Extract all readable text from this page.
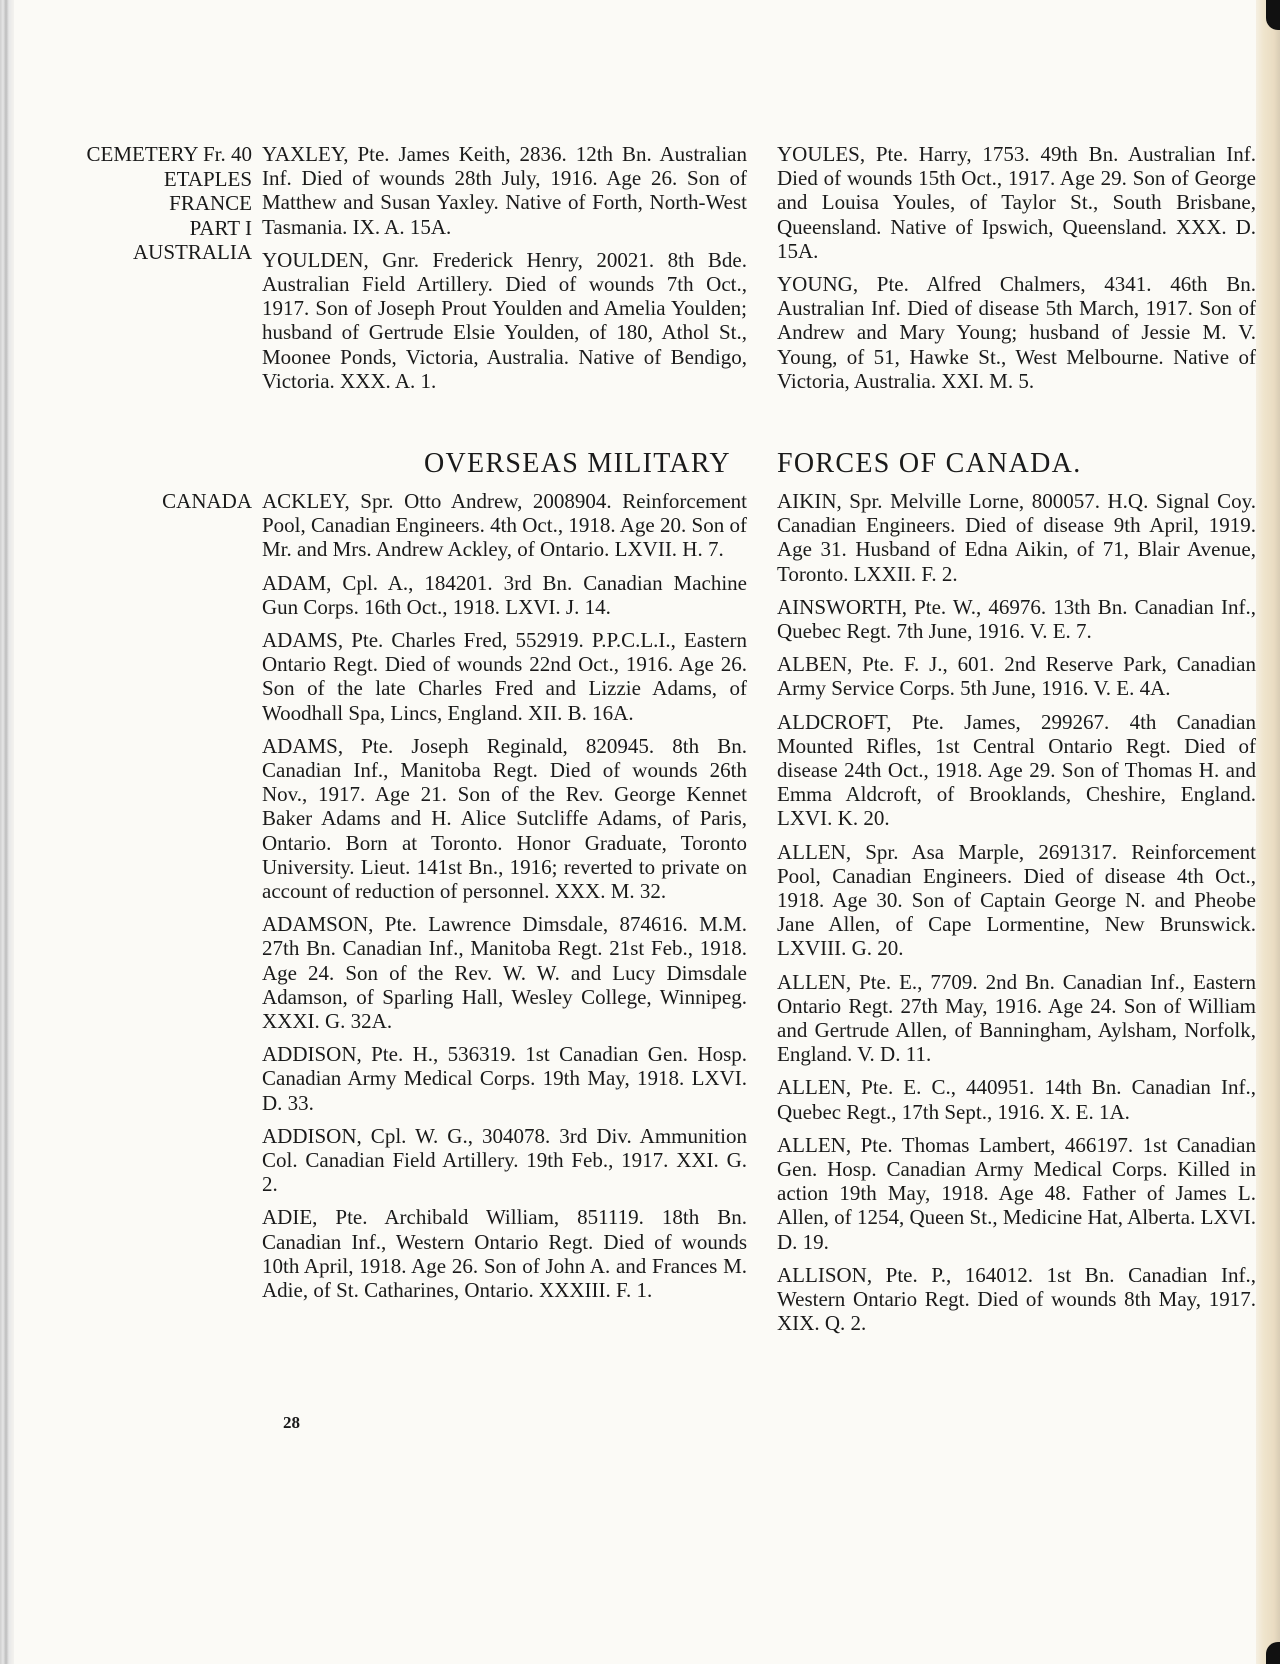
CEMETERY Fr. 40
ETAPLES
FRANCE
PART I
AUSTRALIA

YAXLEY, Pte. James Keith, 2836. 12th Bn. Australian Inf. Died of wounds 28th July, 1916. Age 26. Son of Matthew and Susan Yaxley. Native of Forth, North-West Tasmania. IX. A. 15A.

YOULDEN, Gnr. Frederick Henry, 20021. 8th Bde. Australian Field Artillery. Died of wounds 7th Oct., 1917. Son of Joseph Prout Youlden and Amelia Youlden; husband of Gertrude Elsie Youlden, of 180, Athol St., Moonee Ponds, Victoria, Australia. Native of Bendigo, Victoria. XXX. A. 1.

YOULES, Pte. Harry, 1753. 49th Bn. Australian Inf. Died of wounds 15th Oct., 1917. Age 29. Son of George and Louisa Youles, of Taylor St., South Brisbane, Queensland. Native of Ipswich, Queensland. XXX. D. 15A.

YOUNG, Pte. Alfred Chalmers, 4341. 46th Bn. Australian Inf. Died of disease 5th March, 1917. Son of Andrew and Mary Young; husband of Jessie M. V. Young, of 51, Hawke St., West Melbourne. Native of Victoria, Australia. XXI. M. 5.

OVERSEAS MILITARY FORCES OF CANADA.
CANADA ACKLEY, Spr. Otto Andrew, 2008904. Reinforcement Pool, Canadian Engineers. 4th Oct., 1918. Age 20. Son of Mr. and Mrs. Andrew Ackley, of Ontario. LXVII. H. 7.

ADAM, Cpl. A., 184201. 3rd Bn. Canadian Machine Gun Corps. 16th Oct., 1918. LXVI. J. 14.

ADAMS, Pte. Charles Fred, 552919. P.P.C.L.I., Eastern Ontario Regt. Died of wounds 22nd Oct., 1916. Age 26. Son of the late Charles Fred and Lizzie Adams, of Woodhall Spa, Lincs, England. XII. B. 16A.

ADAMS, Pte. Joseph Reginald, 820945. 8th Bn. Canadian Inf., Manitoba Regt. Died of wounds 26th Nov., 1917. Age 21. Son of the Rev. George Kennet Baker Adams and H. Alice Sutcliffe Adams, of Paris, Ontario. Born at Toronto. Honor Graduate, Toronto University. Lieut. 141st Bn., 1916; reverted to private on account of reduction of personnel. XXX. M. 32.

ADAMSON, Pte. Lawrence Dimsdale, 874616. M.M. 27th Bn. Canadian Inf., Manitoba Regt. 21st Feb., 1918. Age 24. Son of the Rev. W. W. and Lucy Dimsdale Adamson, of Sparling Hall, Wesley College, Winnipeg. XXXI. G. 32A.

ADDISON, Pte. H., 536319. 1st Canadian Gen. Hosp. Canadian Army Medical Corps. 19th May, 1918. LXVI. D. 33.

ADDISON, Cpl. W. G., 304078. 3rd Div. Ammunition Col. Canadian Field Artillery. 19th Feb., 1917. XXI. G. 2.

ADIE, Pte. Archibald William, 851119. 18th Bn. Canadian Inf., Western Ontario Regt. Died of wounds 10th April, 1918. Age 26. Son of John A. and Frances M. Adie, of St. Catharines, Ontario. XXXIII. F. 1.

AIKIN, Spr. Melville Lorne, 800057. H.Q. Signal Coy. Canadian Engineers. Died of disease 9th April, 1919. Age 31. Husband of Edna Aikin, of 71, Blair Avenue, Toronto. LXXII. F. 2.

AINSWORTH, Pte. W., 46976. 13th Bn. Canadian Inf., Quebec Regt. 7th June, 1916. V. E. 7.

ALBEN, Pte. F. J., 601. 2nd Reserve Park, Canadian Army Service Corps. 5th June, 1916. V. E. 4A.

ALDCROFT, Pte. James, 299267. 4th Canadian Mounted Rifles, 1st Central Ontario Regt. Died of disease 24th Oct., 1918. Age 29. Son of Thomas H. and Emma Aldcroft, of Brooklands, Cheshire, England. LXVI. K. 20.

ALLEN, Spr. Asa Marple, 2691317. Reinforcement Pool, Canadian Engineers. Died of disease 4th Oct., 1918. Age 30. Son of Captain George N. and Pheobe Jane Allen, of Cape Lormentine, New Brunswick. LXVIII. G. 20.

ALLEN, Pte. E., 7709. 2nd Bn. Canadian Inf., Eastern Ontario Regt. 27th May, 1916. Age 24. Son of William and Gertrude Allen, of Banningham, Aylsham, Norfolk, England. V. D. 11.

ALLEN, Pte. E. C., 440951. 14th Bn. Canadian Inf., Quebec Regt., 17th Sept., 1916. X. E. 1A.

ALLEN, Pte. Thomas Lambert, 466197. 1st Canadian Gen. Hosp. Canadian Army Medical Corps. Killed in action 19th May, 1918. Age 48. Father of James L. Allen, of 1254, Queen St., Medicine Hat, Alberta. LXVI. D. 19.

ALLISON, Pte. P., 164012. 1st Bn. Canadian Inf., Western Ontario Regt. Died of wounds 8th May, 1917. XIX. Q. 2.

28
